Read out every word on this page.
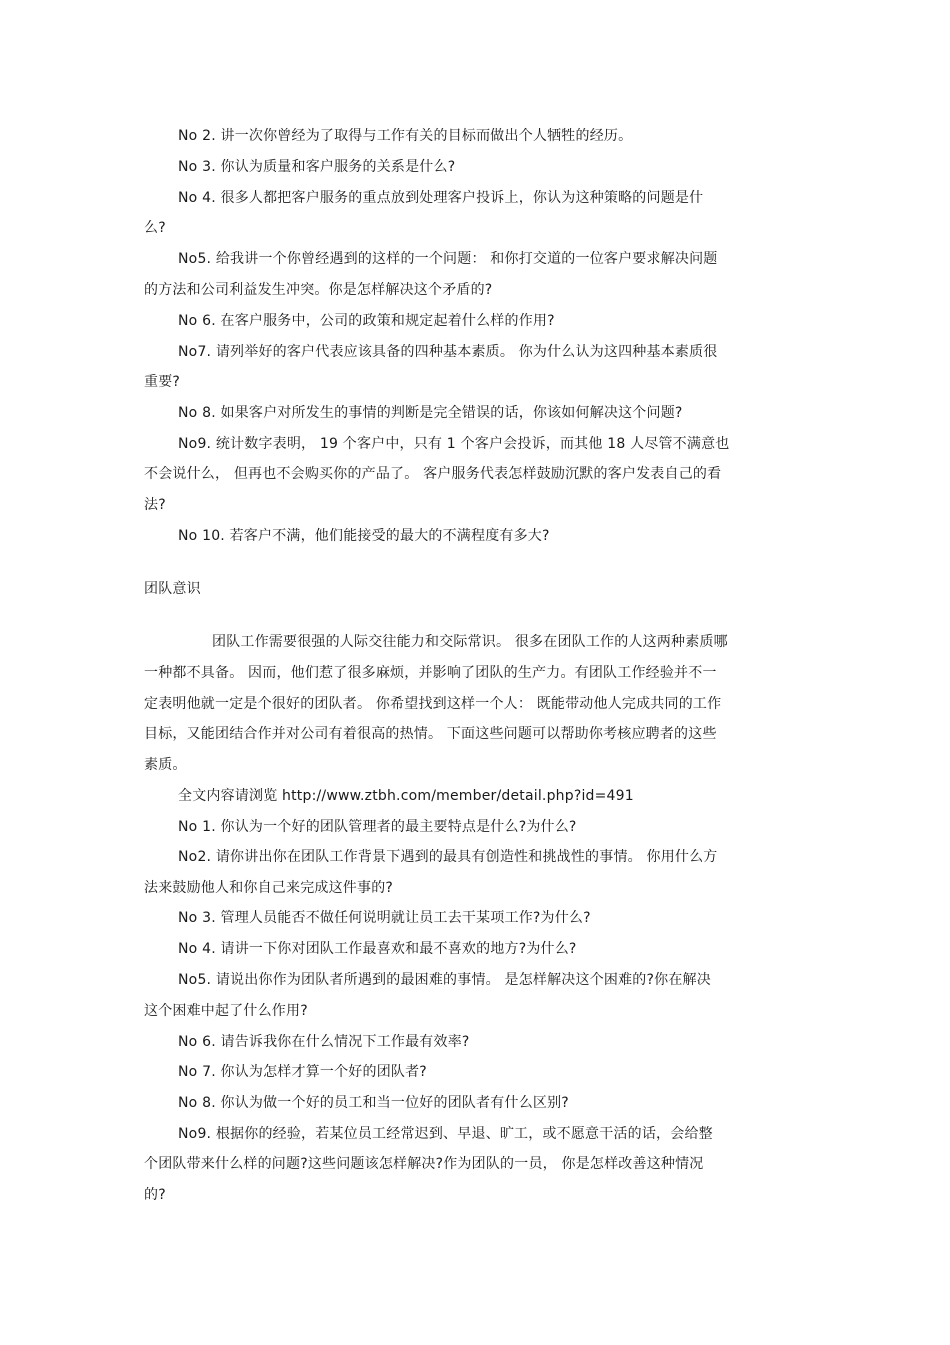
No 2. 讲一次你曾经为了取得与工作有关的目标而做出个人牺牲的经历。
No 3. 你认为质量和客户服务的关系是什么?
No 4. 很多人都把客户服务的重点放到处理客户投诉上，你认为这种策略的问题是什
么?
No5. 给我讲一个你曾经遇到的这样的一个问题： 和你打交道的一位客户要求解决问题
的方法和公司利益发生冲突。你是怎样解决这个矛盾的?
No 6. 在客户服务中，公司的政策和规定起着什么样的作用?
No7. 请列举好的客户代表应该具备的四种基本素质。 你为什么认为这四种基本素质很
重要?
No 8. 如果客户对所发生的事情的判断是完全错误的话，你该如何解决这个问题?
No9. 统计数字表明， 19 个客户中，只有 1 个客户会投诉，而其他 18 人尽管不满意也
不会说什么， 但再也不会购买你的产品了。 客户服务代表怎样鼓励沉默的客户发表自己的看
法?
No 10. 若客户不满，他们能接受的最大的不满程度有多大?
团队意识
团队工作需要很强的人际交往能力和交际常识。 很多在团队工作的人这两种素质哪
一种都不具备。 因而，他们惹了很多麻烦，并影响了团队的生产力。有团队工作经验并不一
定表明他就一定是个很好的团队者。 你希望找到这样一个人： 既能带动他人完成共同的工作
目标，又能团结合作并对公司有着很高的热情。 下面这些问题可以帮助你考核应聘者的这些
素质。
全文内容请浏览 http://www.ztbh.com/member/detail.php?id=491
No 1. 你认为一个好的团队管理者的最主要特点是什么?为什么?
No2. 请你讲出你在团队工作背景下遇到的最具有创造性和挑战性的事情。 你用什么方
法来鼓励他人和你自己来完成这件事的?
No 3. 管理人员能否不做任何说明就让员工去干某项工作?为什么?
No 4. 请讲一下你对团队工作最喜欢和最不喜欢的地方?为什么?
No5. 请说出你作为团队者所遇到的最困难的事情。 是怎样解决这个困难的?你在解决
这个困难中起了什么作用?
No 6. 请告诉我你在什么情况下工作最有效率?
No 7. 你认为怎样才算一个好的团队者?
No 8. 你认为做一个好的员工和当一位好的团队者有什么区别?
No9. 根据你的经验，若某位员工经常迟到、早退、旷工，或不愿意干活的话，会给整
个团队带来什么样的问题?这些问题该怎样解决?作为团队的一员， 你是怎样改善这种情况
的?
